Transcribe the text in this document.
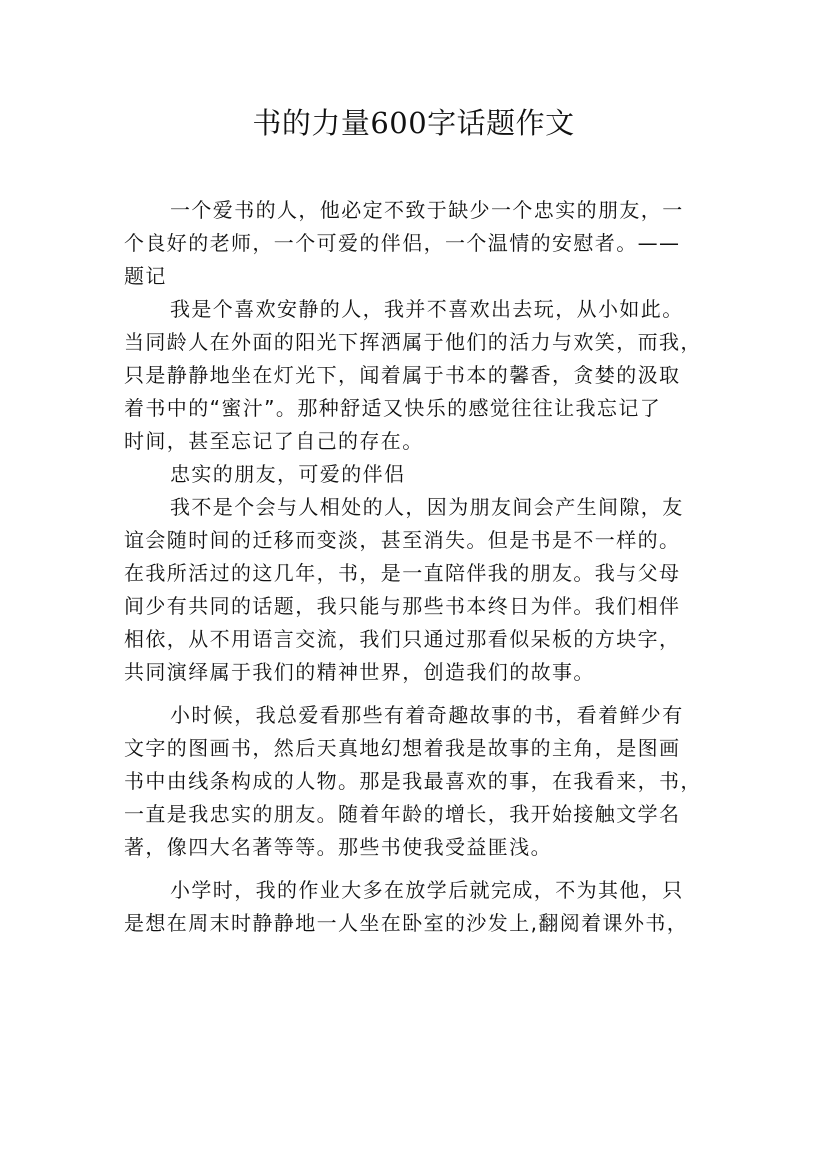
书的力量600字话题作文
一个爱书的人，他必定不致于缺少一个忠实的朋友，一
个良好的老师，一个可爱的伴侣，一个温情的安慰者。——
题记
我是个喜欢安静的人，我并不喜欢出去玩，从小如此。
当同龄人在外面的阳光下挥洒属于他们的活力与欢笑，而我，
只是静静地坐在灯光下，闻着属于书本的馨香，贪婪的汲取
着书中的“蜜汁”。那种舒适又快乐的感觉往往让我忘记了
时间，甚至忘记了自己的存在。
忠实的朋友，可爱的伴侣
我不是个会与人相处的人，因为朋友间会产生间隙，友
谊会随时间的迁移而变淡，甚至消失。但是书是不一样的。
在我所活过的这几年，书，是一直陪伴我的朋友。我与父母
间少有共同的话题，我只能与那些书本终日为伴。我们相伴
相依，从不用语言交流，我们只通过那看似呆板的方块字，
共同演绎属于我们的精神世界，创造我们的故事。
小时候，我总爱看那些有着奇趣故事的书，看着鲜少有
文字的图画书，然后天真地幻想着我是故事的主角，是图画
书中由线条构成的人物。那是我最喜欢的事，在我看来，书，
一直是我忠实的朋友。随着年龄的增长，我开始接触文学名
著，像四大名著等等。那些书使我受益匪浅。
小学时，我的作业大多在放学后就完成，不为其他，只
是想在周末时静静地一人坐在卧室的沙发上,翻阅着课外书，
